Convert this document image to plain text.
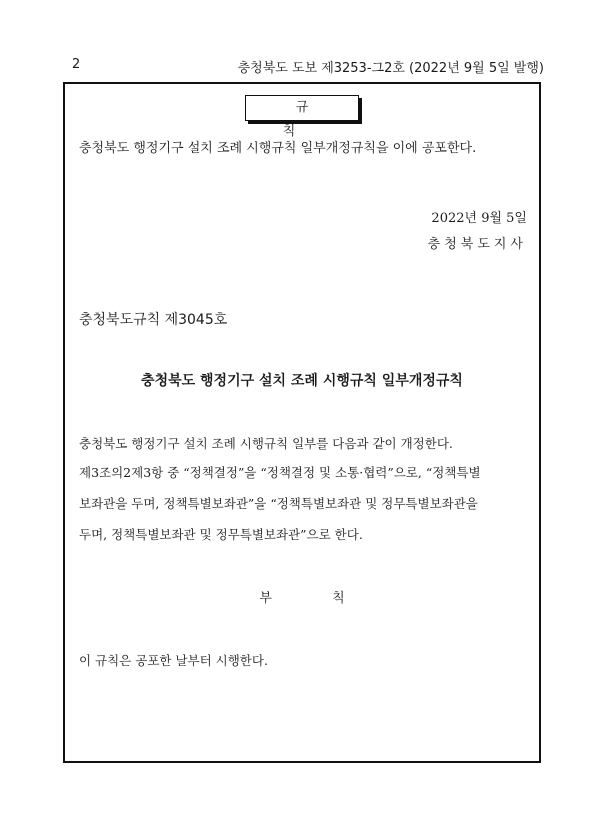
2	충청북도 도보 제3253-그2호 (2022년 9월 5일 발행)
규 칙
충청북도 행정기구 설치 조례 시행규칙 일부개정규칙을 이에 공포한다.
2022년 9월 5일
충청북도지사
충청북도규칙 제3045호
충청북도 행정기구 설치 조례 시행규칙 일부개정규칙
충청북도 행정기구 설치 조례 시행규칙 일부를 다음과 같이 개정한다.
제3조의2제3항 중 “정책결정”을 “정책결정 및 소통·협력”으로, “정책특별
보좌관을 두며, 정책특별보좌관”을 “정책특별보좌관 및 정무특별보좌관을
두며, 정책특별보좌관 및 정무특별보좌관”으로 한다.
부 칙
이 규칙은 공포한 날부터 시행한다.
